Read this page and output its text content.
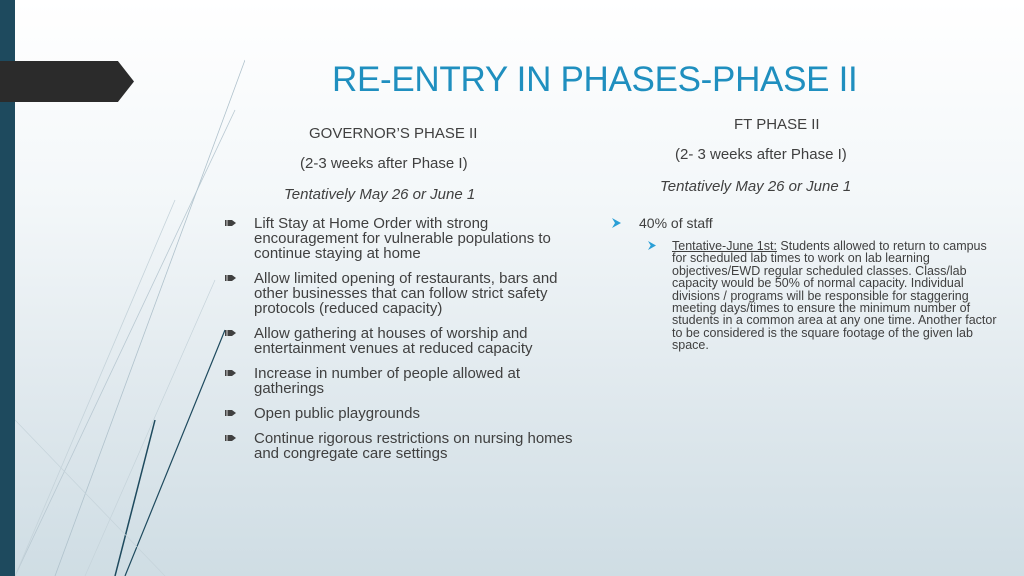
RE-ENTRY IN PHASES-PHASE II
GOVERNOR’S PHASE II
(2-3 weeks after Phase I)
Tentatively May 26 or June 1
FT PHASE II
(2- 3 weeks after Phase I)
Tentatively May 26 or June 1
Lift Stay at Home Order with strong encouragement for vulnerable populations to continue staying at home
Allow limited opening of restaurants, bars and other businesses that can follow strict safety protocols (reduced capacity)
Allow gathering at houses of worship and entertainment venues at reduced capacity
Increase in number of people allowed at gatherings
Open public playgrounds
Continue rigorous restrictions on nursing homes and congregate care settings
40% of staff
Tentative-June 1st: Students allowed to return to campus for scheduled lab times to work on lab learning objectives/EWD regular scheduled classes. Class/lab capacity would be 50% of normal capacity. Individual divisions / programs will be responsible for staggering meeting days/times to ensure the minimum number of students in a common area at any one time. Another factor to be considered is the square footage of the given lab space.
